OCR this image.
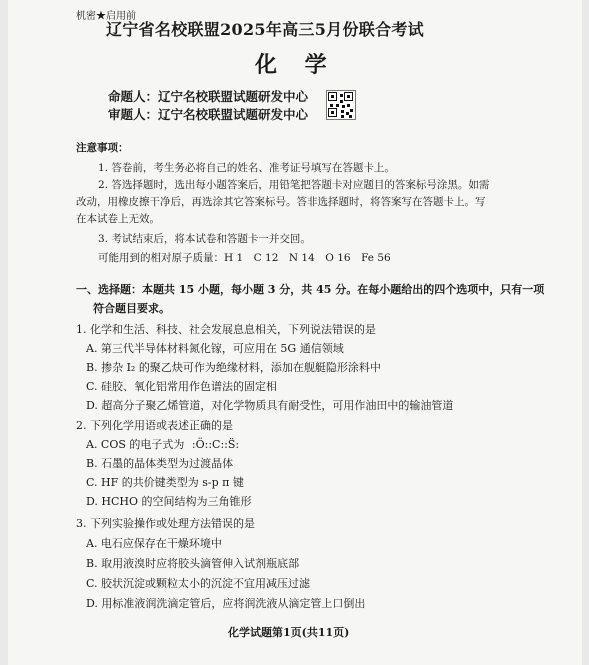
机密★启用前
辽宁省名校联盟2025年高三5月份联合考试
化 学
命题人：辽宁名校联盟试题研发中心
审题人：辽宁名校联盟试题研发中心
注意事项：
1. 答卷前，考生务必将自己的姓名、准考证号填写在答题卡上。
2. 答选择题时，选出每小题答案后，用铅笔把答题卡对应题目的答案标号涂黑。如需
改动，用橡皮擦干净后，再选涂其它答案标号。答非选择题时，将答案写在答题卡上。写
在本试卷上无效。
3. 考试结束后，将本试卷和答题卡一并交回。
可能用到的相对原子质量：H 1　C 12　N 14　O 16　Fe 56
一、选择题：本题共 15 小题，每小题 3 分，共 45 分。在每小题给出的四个选项中，只有一项
符合题目要求。
1. 化学和生活、科技、社会发展息息相关，下列说法错误的是
A. 第三代半导体材料氮化镓，可应用在 5G 通信领域
B. 掺杂 I₂ 的聚乙炔可作为绝缘材料，添加在舰艇隐形涂料中
C. 硅胶、氧化铝常用作色谱法的固定相
D. 超高分子聚乙烯管道，对化学物质具有耐受性，可用作油田中的输油管道
2. 下列化学用语或表述正确的是
A. COS 的电子式为 :Ö::C::S̈:
B. 石墨的晶体类型为过渡晶体
C. HF 的共价键类型为 s-p π 键
D. HCHO 的空间结构为三角锥形
3. 下列实验操作或处理方法错误的是
A. 电石应保存在干燥环境中
B. 取用液溴时应将胶头滴管伸入试剂瓶底部
C. 胶状沉淀或颗粒太小的沉淀不宜用减压过滤
D. 用标准液润洗滴定管后，应将润洗液从滴定管上口倒出
化学试题第1页(共11页)
